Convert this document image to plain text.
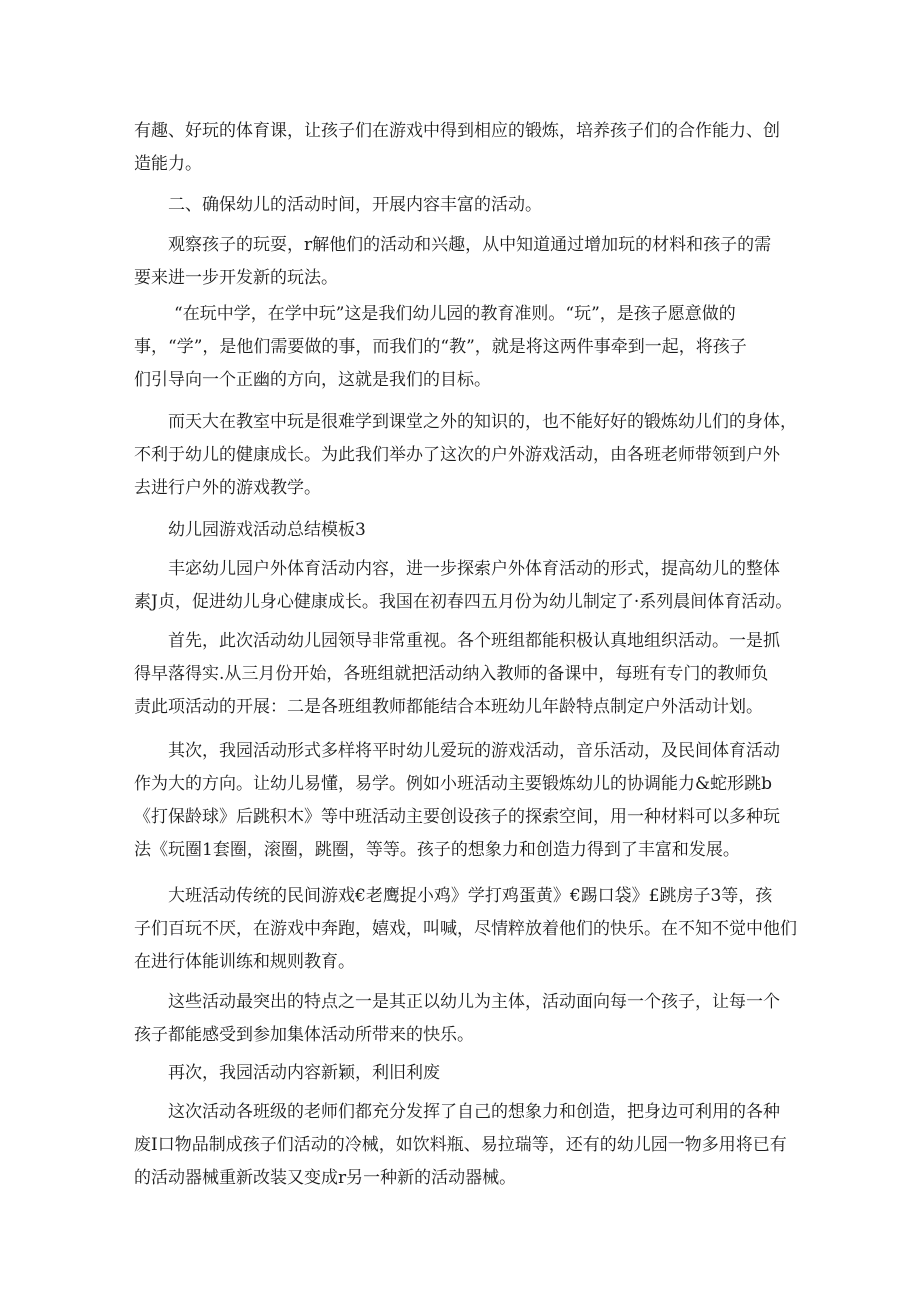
有趣、好玩的体育课，让孩子们在游戏中得到相应的锻炼，培养孩子们的合作能力、创
造能力。
二、确保幼儿的活动时间，开展内容丰富的活动。
观察孩子的玩耍，r解他们的活动和兴趣，从中知道通过增加玩的材料和孩子的需
要来进一步开发新的玩法。
“在玩中学，在学中玩”这是我们幼儿园的教育准则。“玩”，是孩子愿意做的
事，“学”，是他们需要做的事，而我们的“教”，就是将这两件事牵到一起，将孩子
们引导向一个正幽的方向，这就是我们的目标。
而天大在教室中玩是很难学到课堂之外的知识的，也不能好好的锻炼幼儿们的身体，
不利于幼儿的健康成长。为此我们举办了这次的户外游戏活动，由各班老师带领到户外
去进行户外的游戏教学。
幼儿园游戏活动总结模板3
丰宓幼儿园户外体育活动内容，进一步探索户外体育活动的形式，提高幼儿的整体
素J贞，促进幼儿身心健康成长。我国在初春四五月份为幼儿制定了·系列晨间体育活动。
首先，此次活动幼儿园领导非常重视。各个班组都能积极认真地组织活动。一是抓
得早落得实.从三月份开始，各班组就把活动纳入教师的备课中，每班有专门的教师负
责此项活动的开展：二是各班组教师都能结合本班幼儿年龄特点制定户外活动计划。
其次，我园活动形式多样将平时幼儿爱玩的游戏活动，音乐活动，及民间体育活动
作为大的方向。让幼儿易懂，易学。例如小班活动主要锻炼幼儿的协调能力&蛇形跳b
《打保龄球》后跳积木》等中班活动主要创设孩子的探索空间，用一种材料可以多种玩
法《玩圈1套圈，滚圈，跳圈，等等。孩子的想象力和创造力得到了丰富和发展。
大班活动传统的民间游戏€老鹰捉小鸡》学打鸡蛋黄》€踢口袋》£跳房子3等，孩
子们百玩不厌，在游戏中奔跑，嬉戏，叫喊，尽情粹放着他们的快乐。在不知不觉中他们
在进行体能训练和规则教育。
这些活动最突出的特点之一是其正以幼儿为主体，活动面向每一个孩子，让每一个
孩子都能感受到参加集体活动所带来的快乐。
再次，我园活动内容新颖，利旧利废
这次活动各班级的老师们都充分发挥了自己的想象力和创造，把身边可利用的各种
废I口物品制成孩子们活动的冷械，如饮料瓶、易拉瑞等，还有的幼儿园一物多用将已有
的活动器械重新改装又变成r另一种新的活动器械。
